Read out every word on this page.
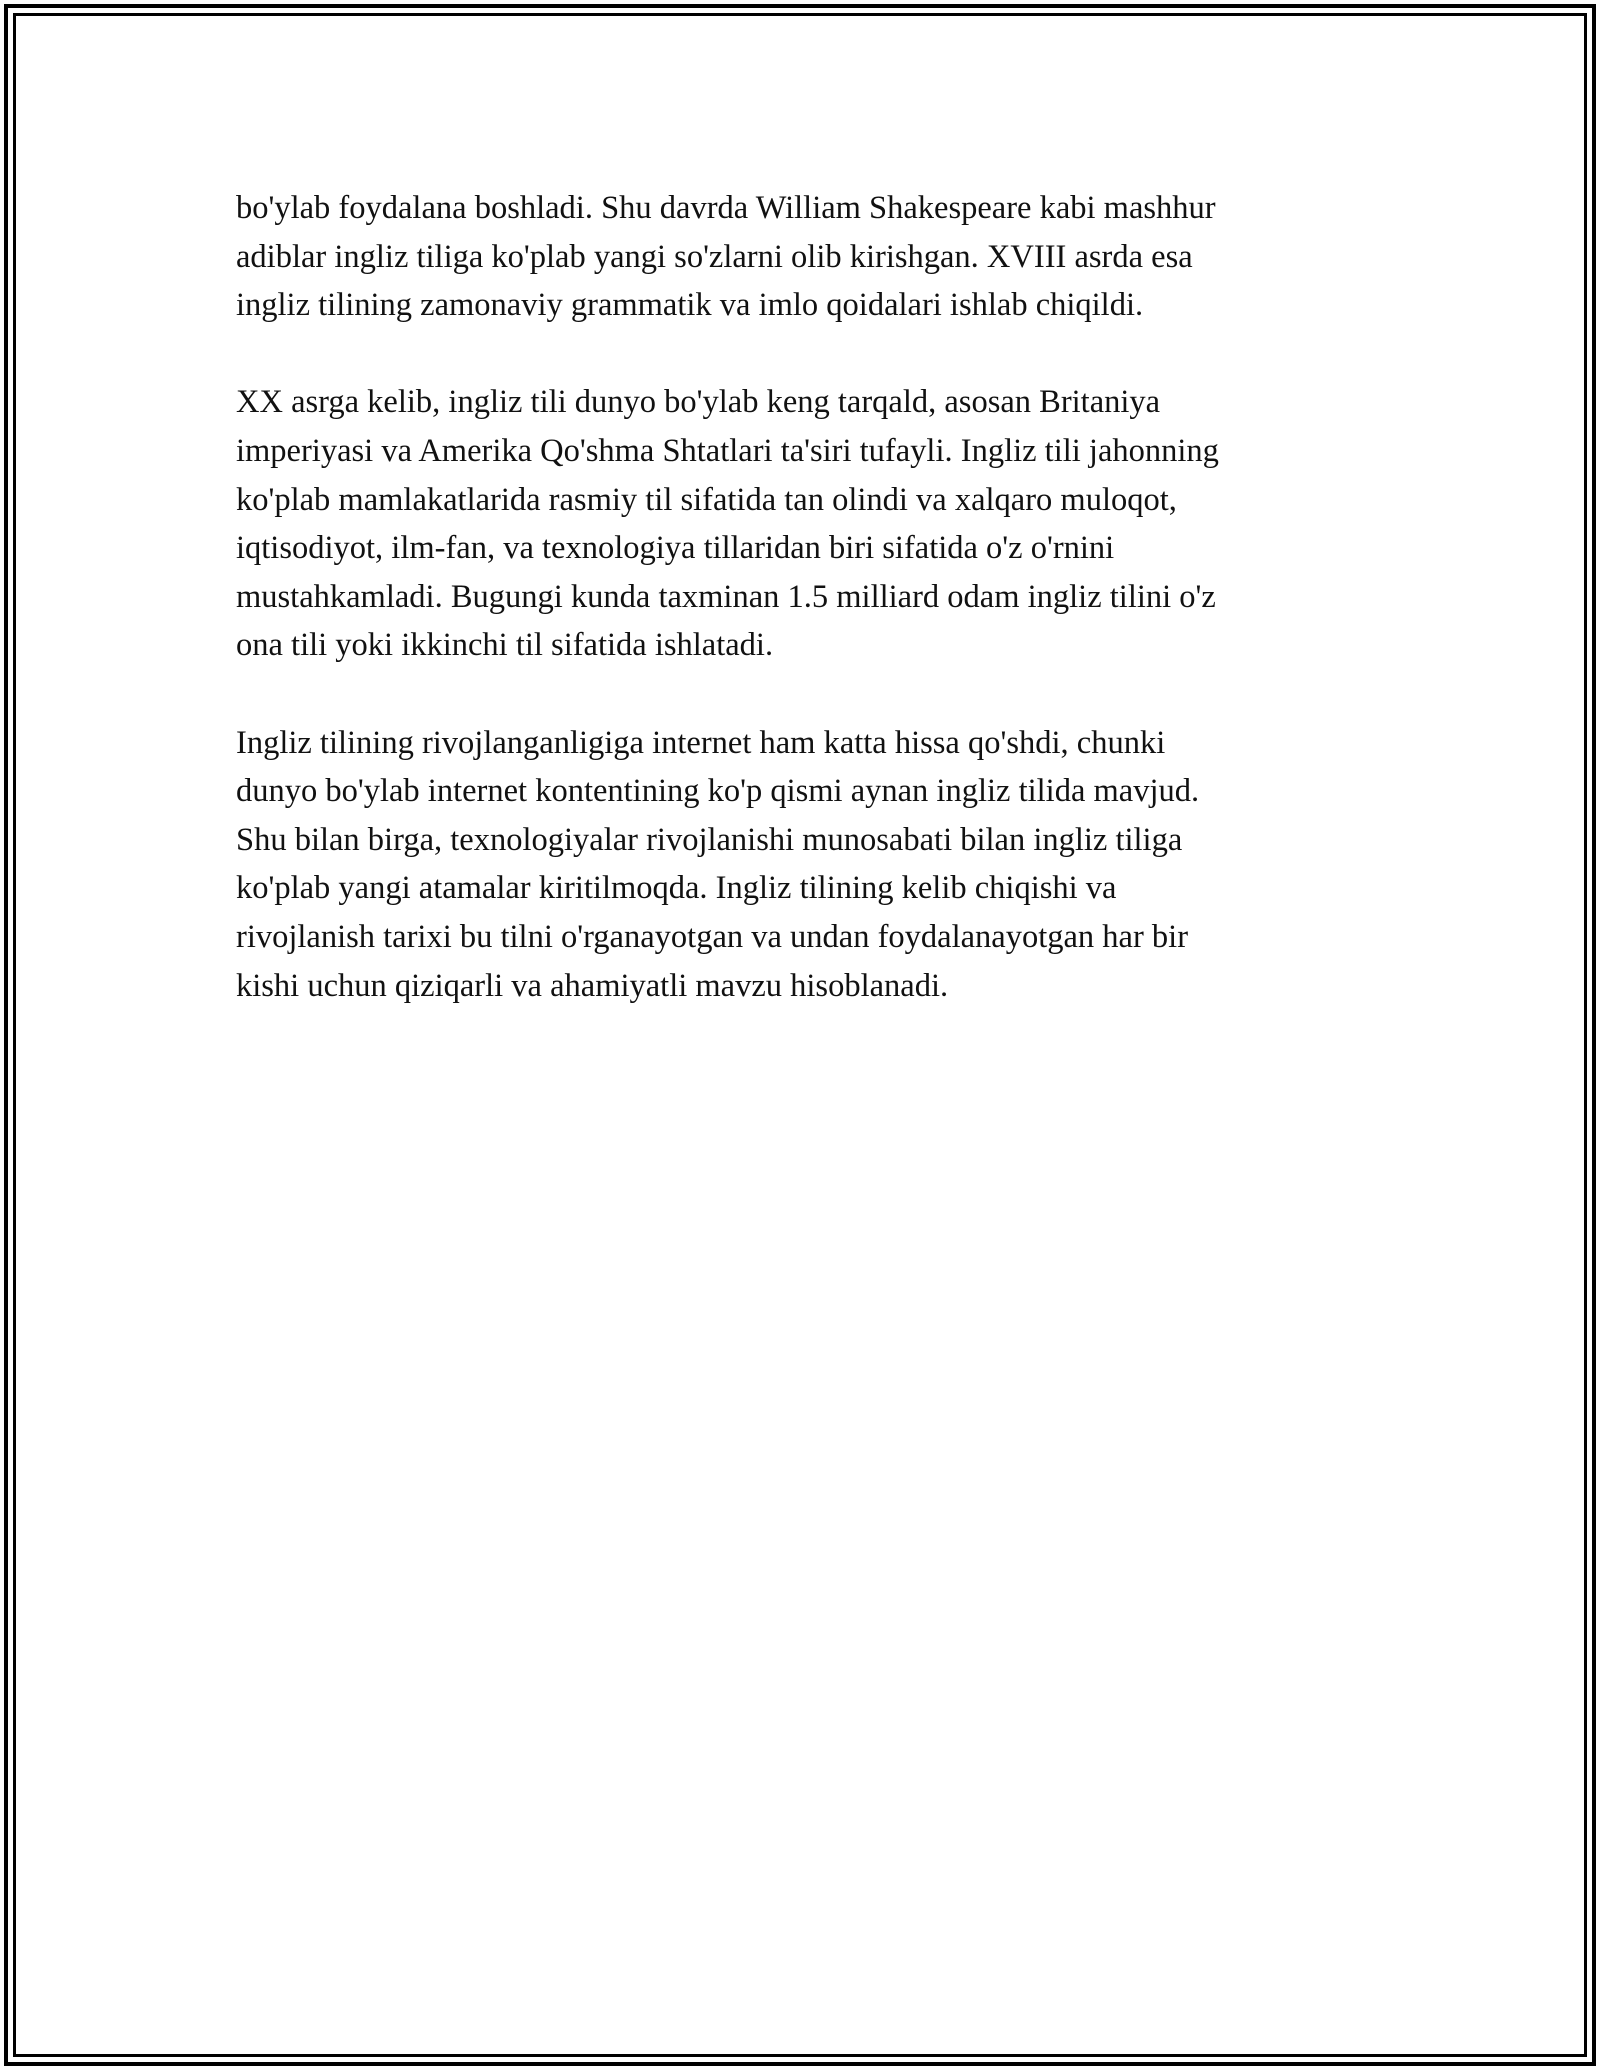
bo'ylab foydalana boshladi. Shu davrda William Shakespeare kabi mashhur
adiblar ingliz tiliga ko'plab yangi so'zlarni olib kirishgan. XVIII asrda esa
ingliz tilining zamonaviy grammatik va imlo qoidalari ishlab chiqildi.

XX asrga kelib, ingliz tili dunyo bo'ylab keng tarqald, asosan Britaniya
imperiyasi va Amerika Qo'shma Shtatlari ta'siri tufayli. Ingliz tili jahonning
ko'plab mamlakatlarida rasmiy til sifatida tan olindi va xalqaro muloqot,
iqtisodiyot, ilm-fan, va texnologiya tillaridan biri sifatida o'z o'rnini
mustahkamladi. Bugungi kunda taxminan 1.5 milliard odam ingliz tilini o'z
ona tili yoki ikkinchi til sifatida ishlatadi.

Ingliz tilining rivojlanganligiga internet ham katta hissa qo'shdi, chunki
dunyo bo'ylab internet kontentining ko'p qismi aynan ingliz tilida mavjud.
Shu bilan birga, texnologiyalar rivojlanishi munosabati bilan ingliz tiliga
ko'plab yangi atamalar kiritilmoqda. Ingliz tilining kelib chiqishi va
rivojlanish tarixi bu tilni o'rganayotgan va undan foydalanayotgan har bir
kishi uchun qiziqarli va ahamiyatli mavzu hisoblanadi.
